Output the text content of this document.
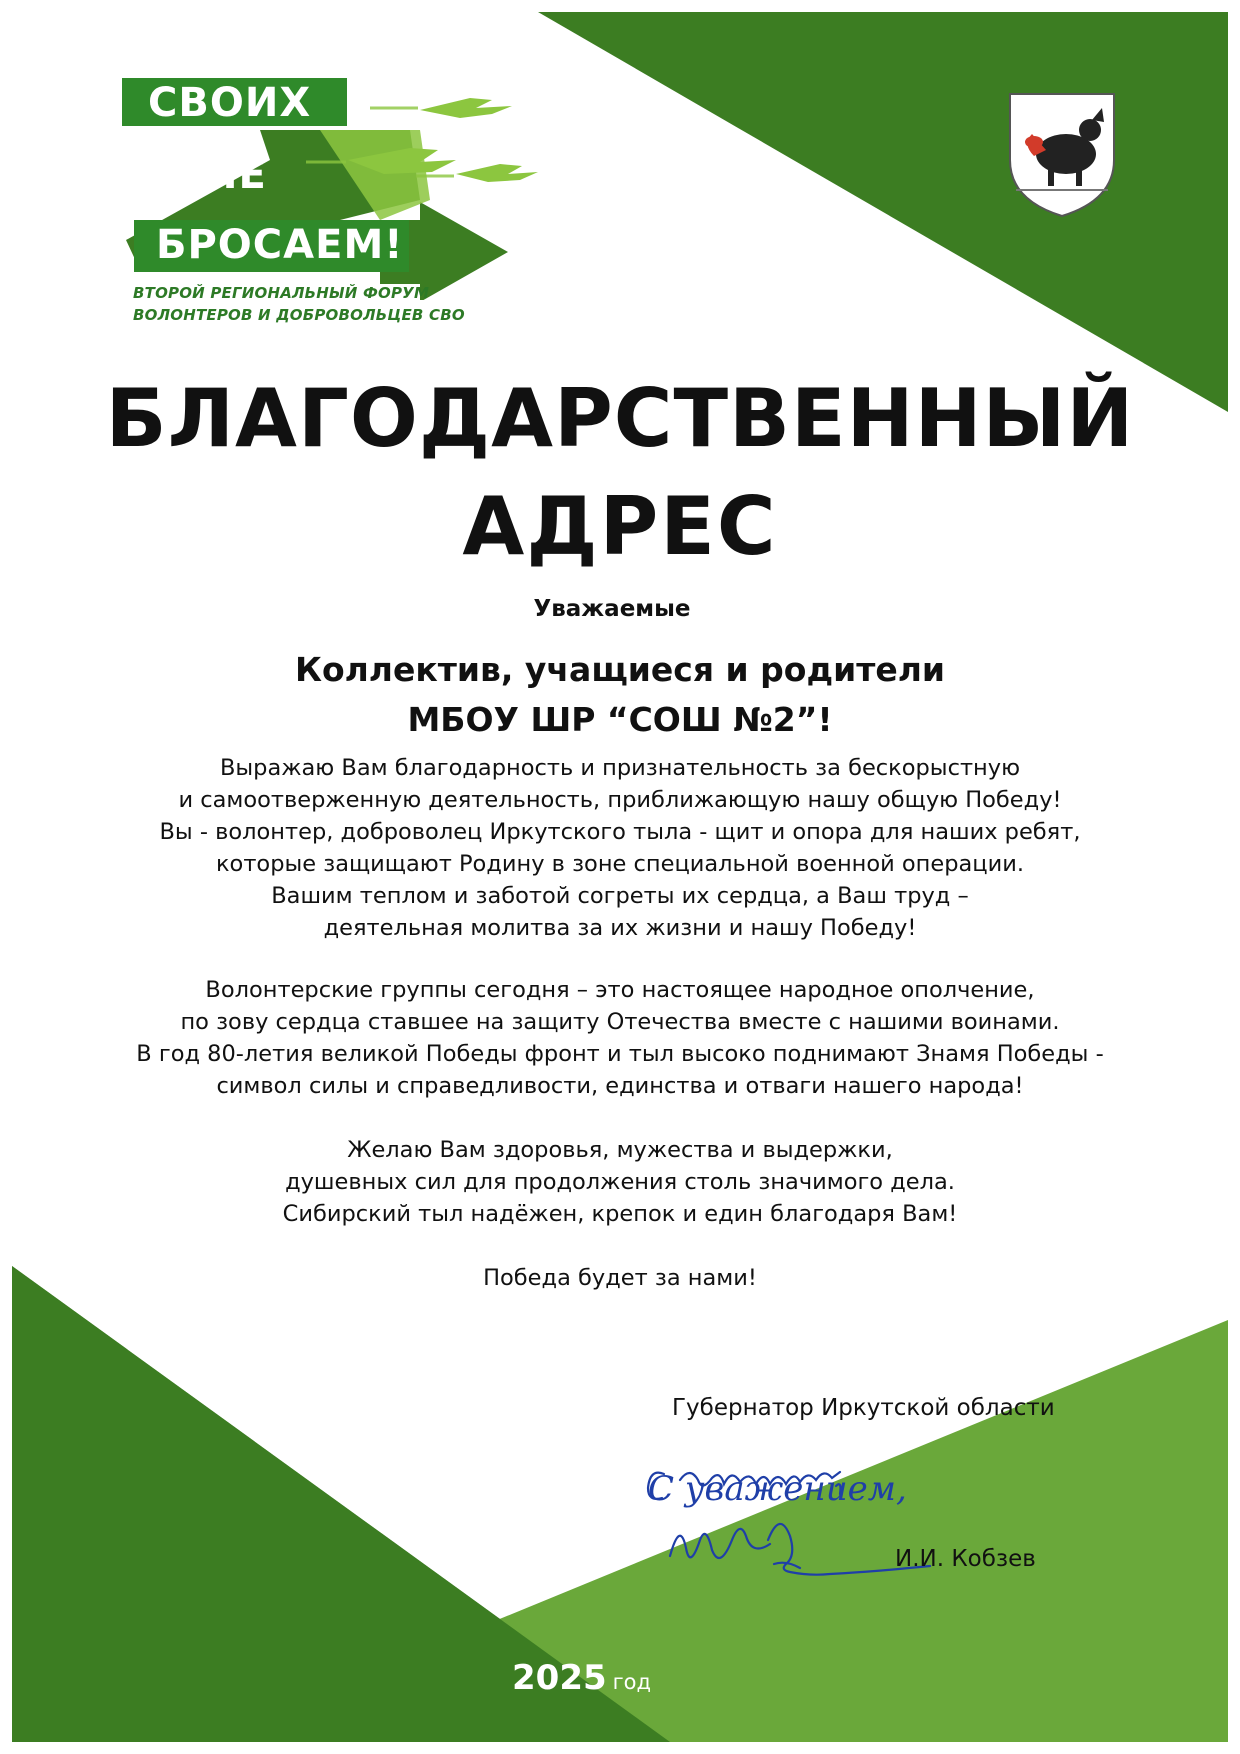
СВОИХ
НЕ
БРОСАЕМ!
ВТОРОЙ РЕГИОНАЛЬНЫЙ ФОРУМ
ВОЛОНТЕРОВ И ДОБРОВОЛЬЦЕВ СВО
БЛАГОДАРСТВЕННЫЙ
АДРЕС
Уважаемые
Коллектив, учащиеся и родители
МБОУ ШР “СОШ №2”!
Выражаю Вам благодарность и признательность за бескорыстную
и самоотверженную деятельность, приближающую нашу общую Победу!
Вы - волонтер, доброволец Иркутского тыла - щит и опора для наших ребят,
которые защищают Родину в зоне специальной военной операции.
Вашим теплом и заботой согреты их сердца, а Ваш труд –
деятельная молитва за их жизни и нашу Победу!
Волонтерские группы сегодня – это настоящее народное ополчение,
по зову сердца ставшее на защиту Отечества вместе с нашими воинами.
В год 80-летия великой Победы фронт и тыл высоко поднимают Знамя Победы -
символ силы и справедливости, единства и отваги нашего народа!
Желаю Вам здоровья, мужества и выдержки,
душевных сил для продолжения столь значимого дела.
Сибирский тыл надёжен, крепок и един благодаря Вам!
Победа будет за нами!
Губернатор Иркутской области
С уважением,
И.И. Кобзев
2025 год
